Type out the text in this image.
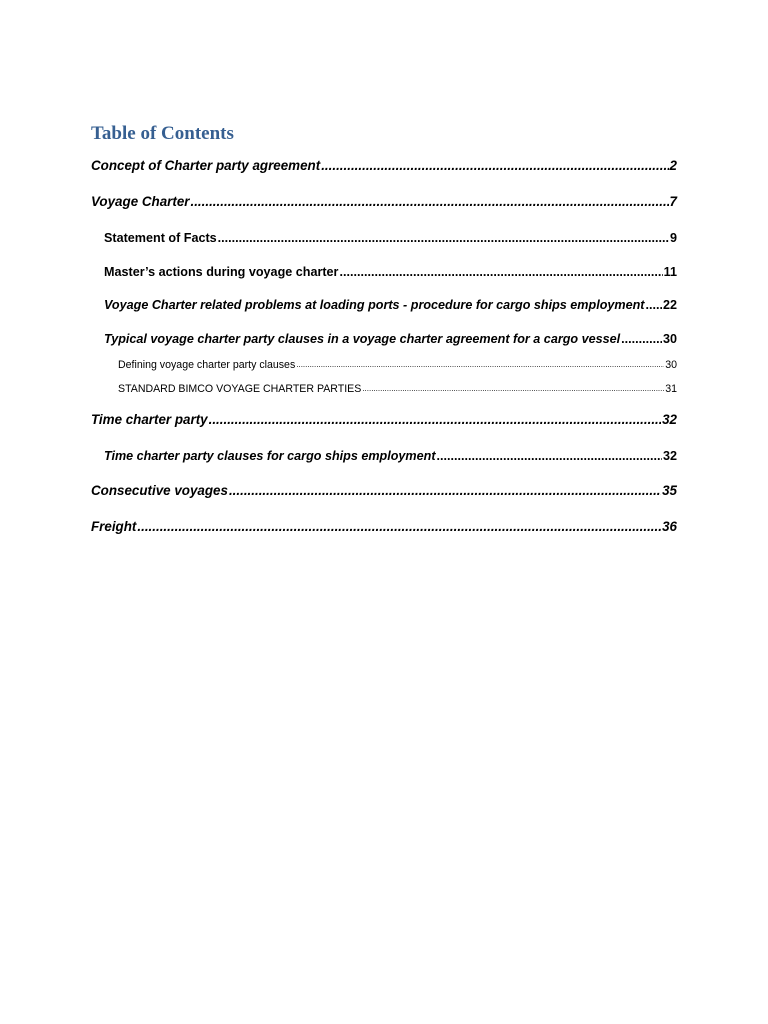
Table of Contents
Concept of Charter party agreement .....	2
Voyage Charter .....	7
Statement of Facts .....	9
Master’s actions during voyage charter .....	11
Voyage Charter related problems at loading ports - procedure for cargo ships employment ..... 22
Typical voyage charter party clauses in a voyage charter agreement for a cargo vessel .....	30
Defining voyage charter party clauses .....	30
STANDARD BIMCO VOYAGE CHARTER PARTIES .....	31
Time charter party .....	32
Time charter party clauses for cargo ships employment .....	32
Consecutive voyages .....	35
Freight .....	36
